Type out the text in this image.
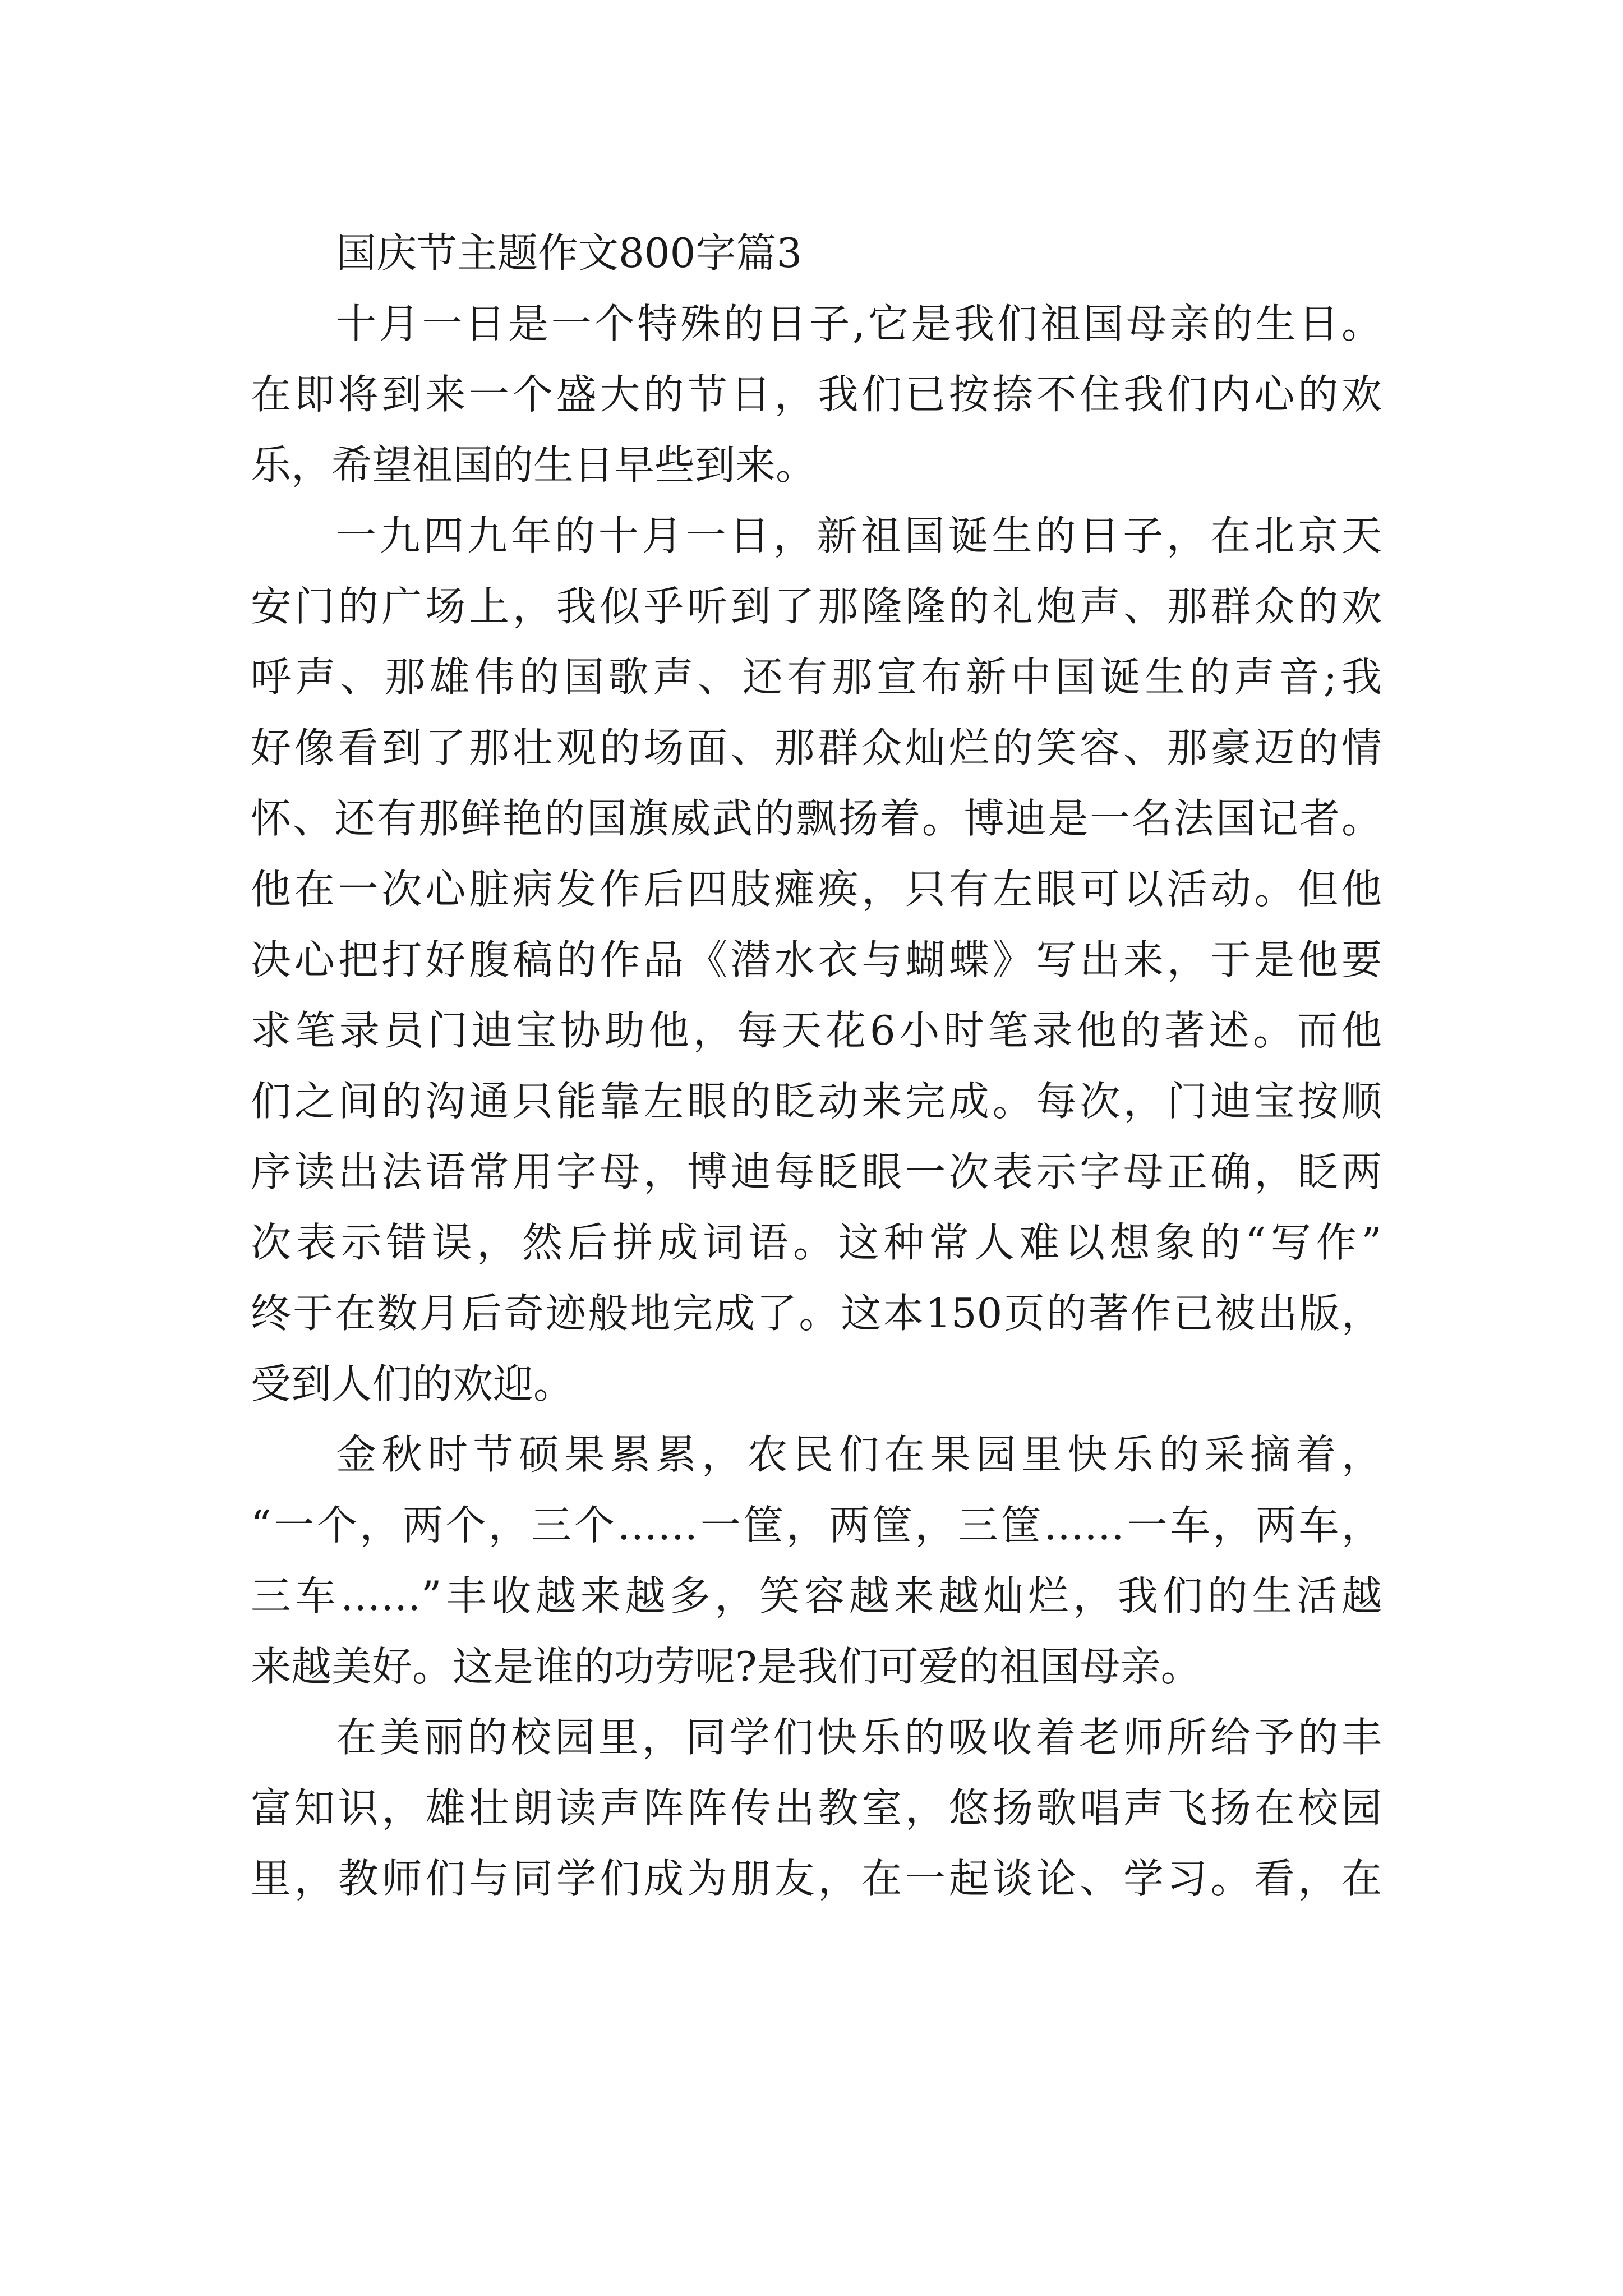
国庆节主题作文800字篇3
十月一日是一个特殊的日子,它是我们祖国母亲的生日。
在即将到来一个盛大的节日，我们已按捺不住我们内心的欢
乐，希望祖国的生日早些到来。
一九四九年的十月一日，新祖国诞生的日子，在北京天
安门的广场上，我似乎听到了那隆隆的礼炮声、那群众的欢
呼声、那雄伟的国歌声、还有那宣布新中国诞生的声音;我
好像看到了那壮观的场面、那群众灿烂的笑容、那豪迈的情
怀、还有那鲜艳的国旗威武的飘扬着。博迪是一名法国记者。
他在一次心脏病发作后四肢瘫痪，只有左眼可以活动。但他
决心把打好腹稿的作品《潜水衣与蝴蝶》写出来，于是他要
求笔录员门迪宝协助他，每天花6小时笔录他的著述。而他
们之间的沟通只能靠左眼的眨动来完成。每次，门迪宝按顺
序读出法语常用字母，博迪每眨眼一次表示字母正确，眨两
次表示错误，然后拼成词语。这种常人难以想象的“写作”
终于在数月后奇迹般地完成了。这本150页的著作已被出版，
受到人们的欢迎。
金秋时节硕果累累，农民们在果园里快乐的采摘着，
“一个，两个，三个……一筐，两筐，三筐……一车，两车，
三车……”丰收越来越多，笑容越来越灿烂，我们的生活越
来越美好。这是谁的功劳呢?是我们可爱的祖国母亲。
在美丽的校园里，同学们快乐的吸收着老师所给予的丰
富知识，雄壮朗读声阵阵传出教室，悠扬歌唱声飞扬在校园
里，教师们与同学们成为朋友，在一起谈论、学习。看，在
